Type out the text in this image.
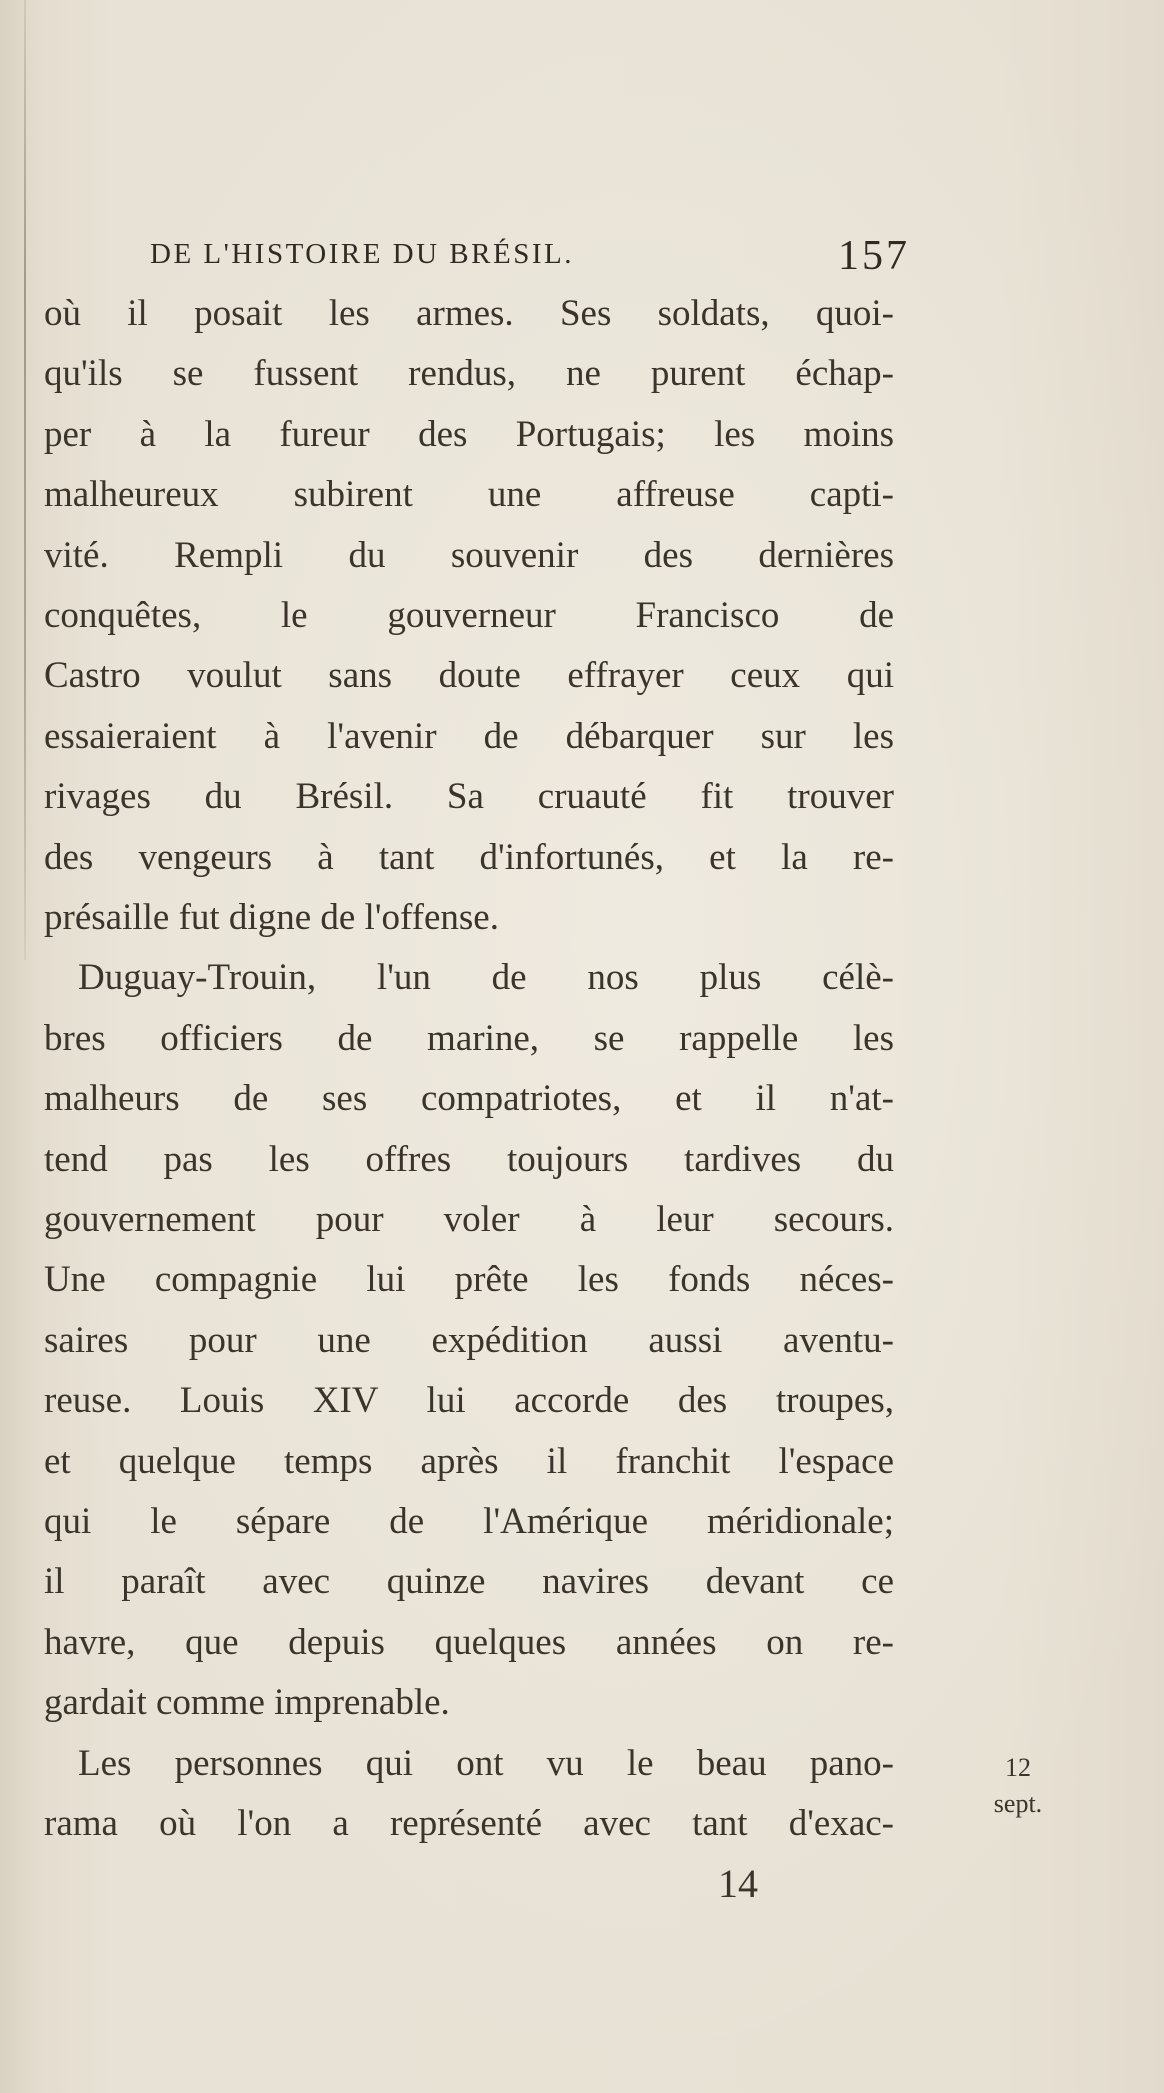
DE L'HISTOIRE DU BRÉSIL.	157
où il posait les armes. Ses soldats, quoi-
qu'ils se fussent rendus, ne purent échap-
per à la fureur des Portugais; les moins
malheureux subirent une affreuse capti-
vité. Rempli du souvenir des dernières
conquêtes, le gouverneur Francisco de
Castro voulut sans doute effrayer ceux qui
essaieraient à l'avenir de débarquer sur les
rivages du Brésil. Sa cruauté fit trouver
des vengeurs à tant d'infortunés, et la re-
présaille fut digne de l'offense.
Duguay-Trouin, l'un de nos plus célè-
bres officiers de marine, se rappelle les
malheurs de ses compatriotes, et il n'at-
tend pas les offres toujours tardives du
gouvernement pour voler à leur secours.
Une compagnie lui prête les fonds néces-
saires pour une expédition aussi aventu-
reuse. Louis XIV lui accorde des troupes,
et quelque temps après il franchit l'espace
qui le sépare de l'Amérique méridionale;
il paraît avec quinze navires devant ce
havre, que depuis quelques années on re-
gardait comme imprenable.
Les personnes qui ont vu le beau pano-
rama où l'on a représenté avec tant d'exac-
12
sept.
14
